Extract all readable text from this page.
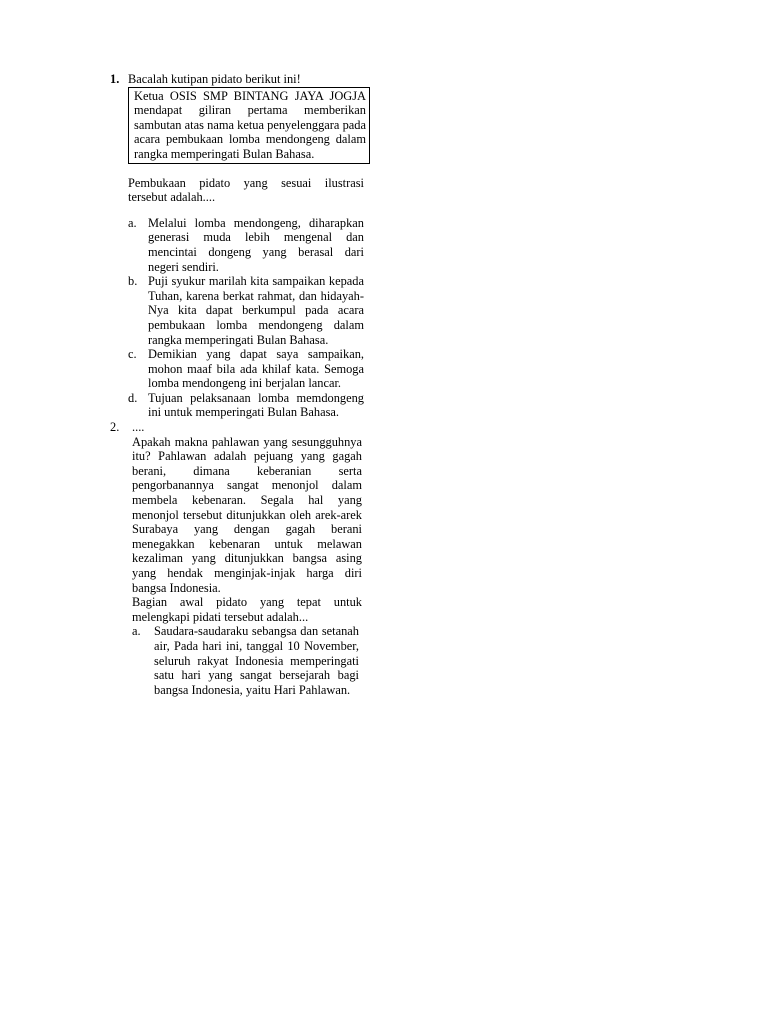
1. Bacalah kutipan pidato berikut ini!
Ketua OSIS SMP BINTANG JAYA JOGJA mendapat giliran pertama memberikan sambutan atas nama ketua penyelenggara pada acara pembukaan lomba mendongeng dalam rangka memperingati Bulan Bahasa.
Pembukaan pidato yang sesuai ilustrasi tersebut adalah....
a. Melalui lomba mendongeng, diharapkan generasi muda lebih mengenal dan mencintai dongeng yang berasal dari negeri sendiri.
b. Puji syukur marilah kita sampaikan kepada Tuhan, karena berkat rahmat, dan hidayah-Nya kita dapat berkumpul pada acara pembukaan lomba mendongeng dalam rangka memperingati Bulan Bahasa.
c. Demikian yang dapat saya sampaikan, mohon maaf bila ada khilaf kata. Semoga lomba mendongeng ini berjalan lancar.
d. Tujuan pelaksanaan lomba memdongeng ini untuk memperingati Bulan Bahasa.
2. ....
Apakah makna pahlawan yang sesungguhnya itu? Pahlawan adalah pejuang yang gagah berani, dimana keberanian serta pengorbanannya sangat menonjol dalam membela kebenaran. Segala hal yang menonjol tersebut ditunjukkan oleh arek-arek Surabaya yang dengan gagah berani menegakkan kebenaran untuk melawan kezaliman yang ditunjukkan bangsa asing yang hendak menginjak-injak harga diri bangsa Indonesia.
Bagian awal pidato yang tepat untuk melengkapi pidati tersebut adalah...
a. Saudara-saudaraku sebangsa dan setanah air, Pada hari ini, tanggal 10 November, seluruh rakyat Indonesia memperingati satu hari yang sangat bersejarah bagi bangsa Indonesia, yaitu Hari Pahlawan.
